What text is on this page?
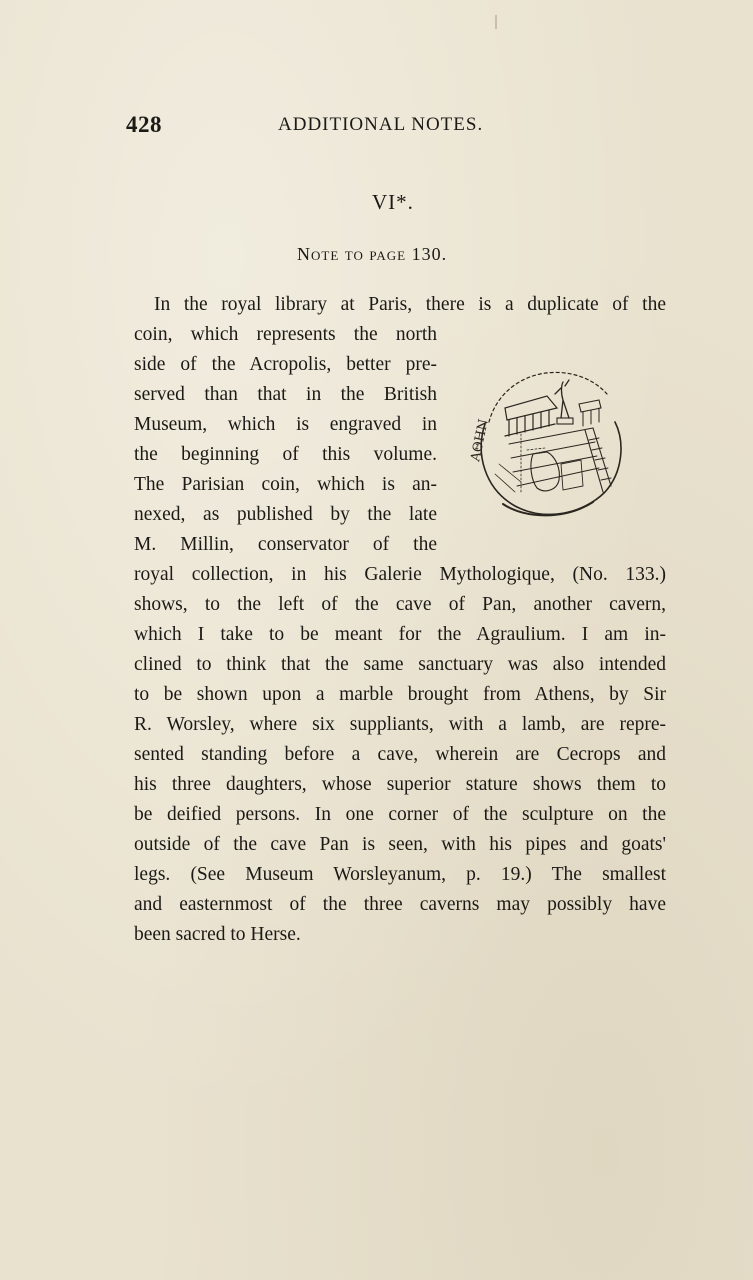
428	ADDITIONAL NOTES.
VI*.
Note to page 130.
In the royal library at Paris, there is a duplicate of the
coin, which represents the north
side of the Acropolis, better pre-
served than that in the British
Museum, which is engraved in
the beginning of this volume.
The Parisian coin, which is an-
nexed, as published by the late
M. Millin, conservator of the
royal collection, in his Galerie Mythologique, (No. 133.)
shows, to the left of the cave of Pan, another cavern,
which I take to be meant for the Agraulium. I am in-
clined to think that the same sanctuary was also intended
to be shown upon a marble brought from Athens, by Sir
R. Worsley, where six suppliants, with a lamb, are repre-
sented standing before a cave, wherein are Cecrops and
his three daughters, whose superior stature shows them to
be deified persons. In one corner of the sculpture on the
outside of the cave Pan is seen, with his pipes and goats'
legs. (See Museum Worsleyanum, p. 19.) The smallest
and easternmost of the three caverns may possibly have
been sacred to Herse.
ΑΘΗΝ
